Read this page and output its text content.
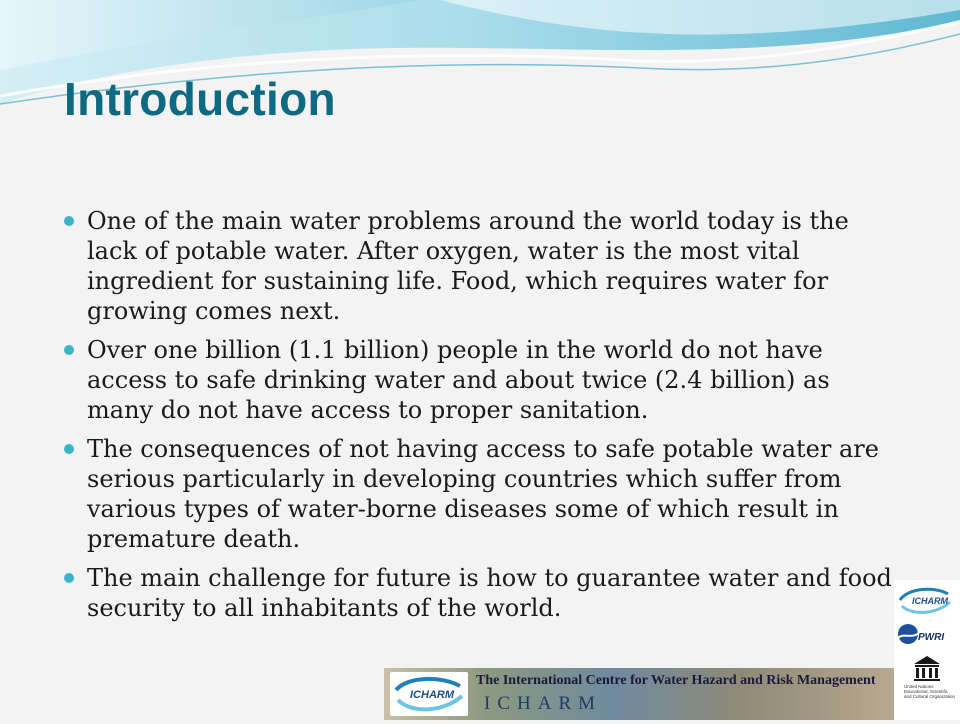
Introduction
One of the main water problems around the world today is the lack of potable water. After oxygen, water is the most vital ingredient for sustaining life. Food, which requires water for growing comes next.
Over one billion (1.1 billion) people in the world do not have access to safe drinking water and about twice (2.4 billion) as many do not have access to proper sanitation.
The consequences of not having access to safe potable water are serious particularly in developing countries which suffer from various types of water-borne diseases some of which result in premature death.
The main challenge for future is how to guarantee water and food security to all inhabitants of the world.	ICHARM
PWRI
United Nations Educational, Scientific and Cultural Organization
ICHARM
The International Centre for Water Hazard and Risk Management
ICHARM
